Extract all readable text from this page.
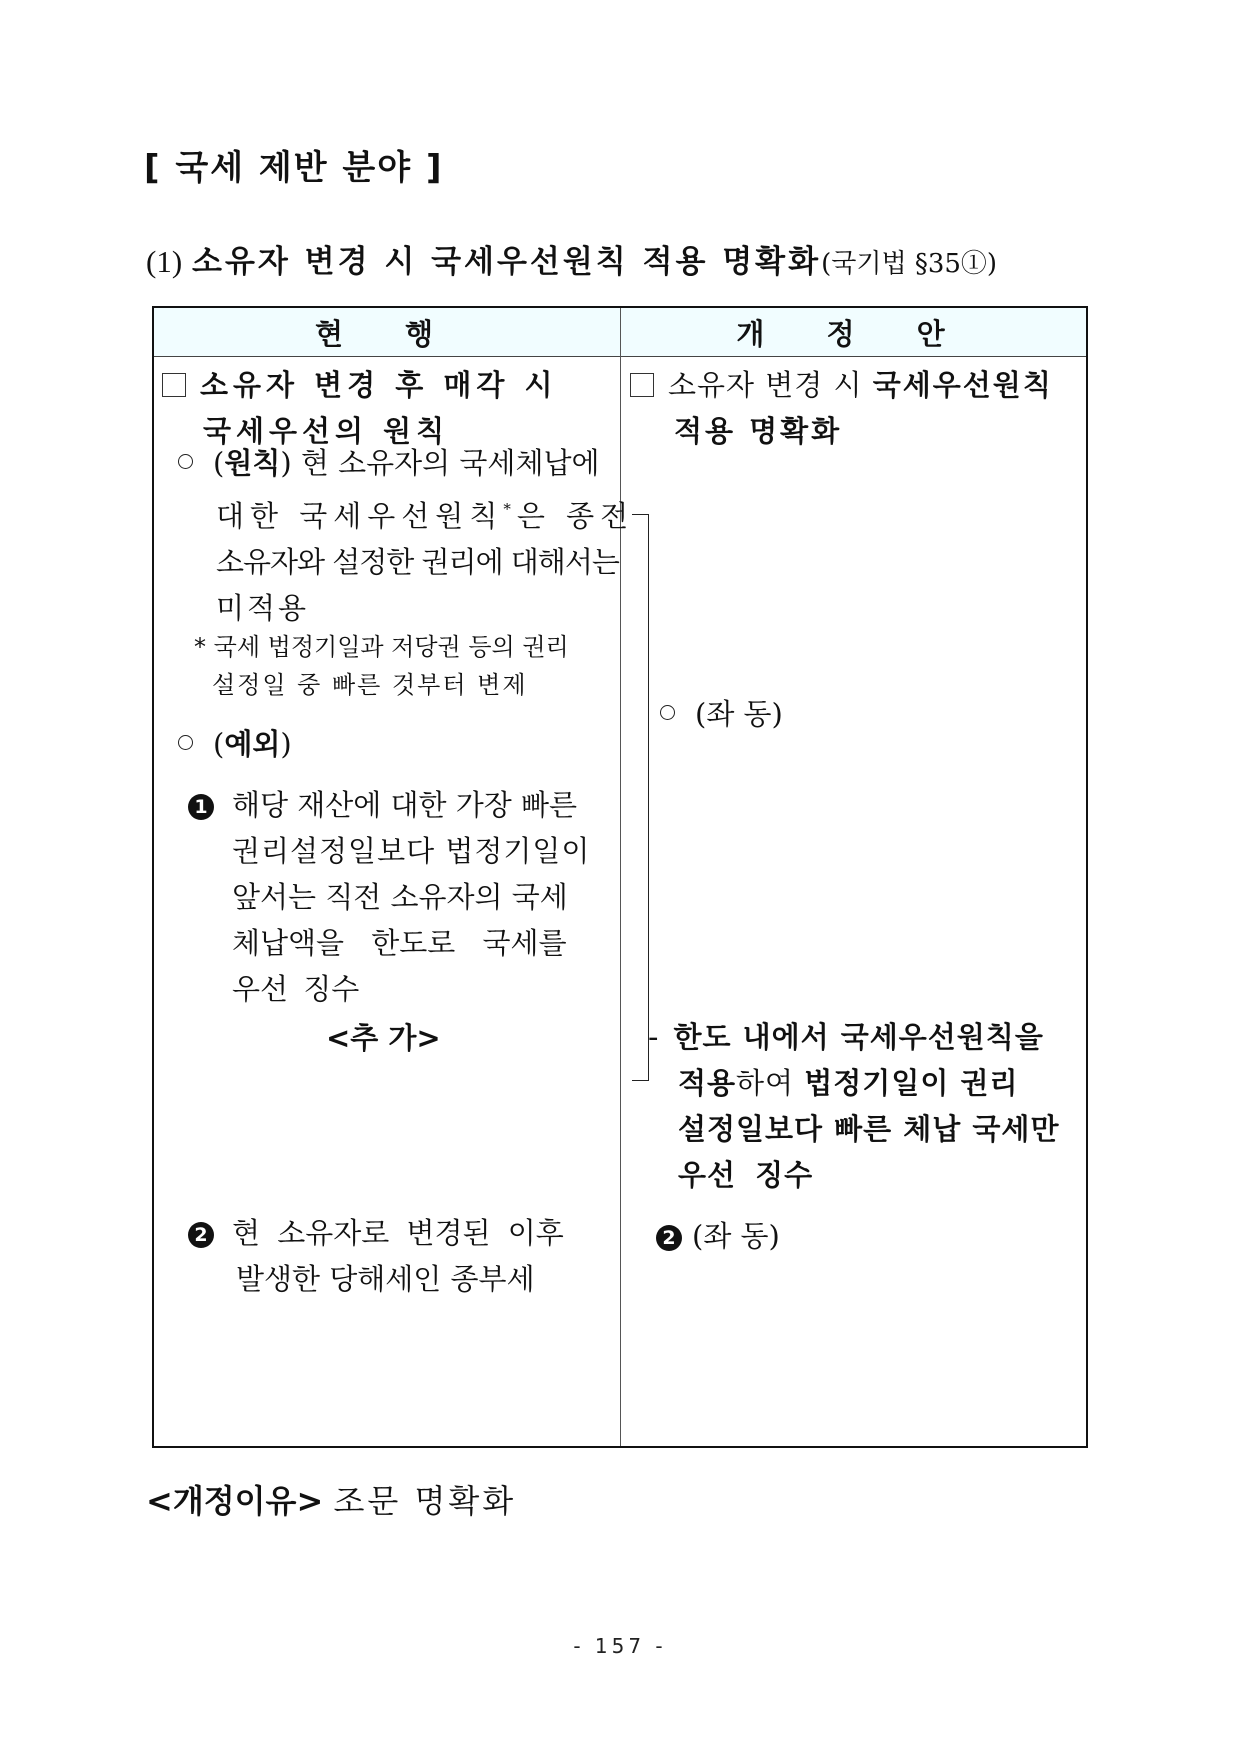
[ 국세 제반 분야 ]
(1) 소유자 변경 시 국세우선원칙 적용 명확화(국기법 §35①)
현 행	개 정 안
소유자 변경 후 매각 시
국세우선의 원칙
(원칙) 현 소유자의 국세체납에
대한 국세우선원칙*은 종전
소유자와 설정한 권리에 대해서는
미적용
* 국세 법정기일과 저당권 등의 권리
설정일 중 빠른 것부터 변제
(예외)
1 해당 재산에 대한 가장 빠른
권리설정일보다 법정기일이
앞서는 직전 소유자의 국세
체납액을 한도로 국세를
우선 징수
<추 가>
2 현 소유자로 변경된 이후
발생한 당해세인 종부세
소유자 변경 시 국세우선원칙
적용 명확화
(좌 동)
- 한도 내에서 국세우선원칙을
적용하여 법정기일이 권리
설정일보다 빠른 체납 국세만
우선 징수
2 (좌 동)
<개정이유> 조문 명확화
- 157 -
